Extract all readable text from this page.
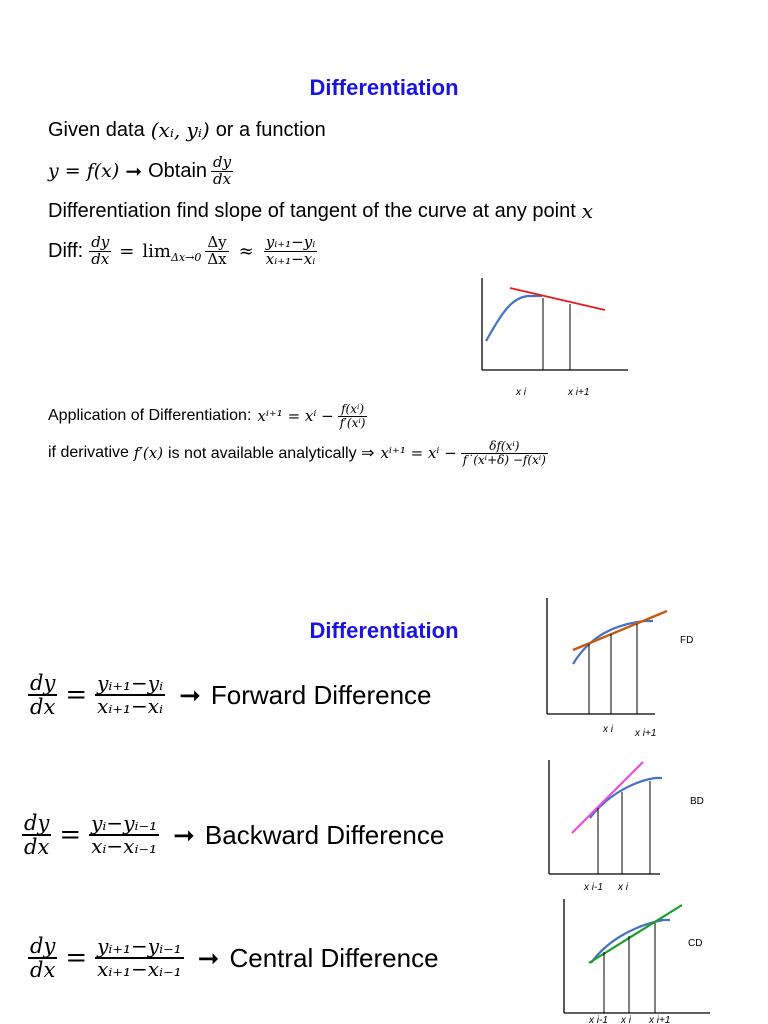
Differentiation
Given data (xᵢ, yᵢ) or a function
y = f(x) ➞ Obtain $\frac{dy}{dx}$
Differentiation find slope of tangent of the curve at any point x
Diff: $\frac{dy}{dx} = \lim \Delta x\to 0 \frac{\Delta y}{\Delta x} \approx \frac{\text{yᵢ₊₁−yᵢ}}{\text{xᵢ₊₁−xᵢ}}$
x i	x i+1
Application of Differentiation: $x^{i+1} = x^i - \frac{\text{f(xⁱ)}}{\text{f′(xⁱ)}}$
if derivative f′(x) is not available analytically ⇒ $x^{i+1} = x^i - \frac{\text{δf(xⁱ)}}{\text{f˙(xⁱ+δ) −f(xⁱ)}}$
Differentiation
$\frac{dy}{dx} = \frac{\text{yᵢ₊₁−yᵢ}}{\text{xᵢ₊₁−xᵢ}}$ ➞ Forward Difference
x i x i+1
FD
$\frac{dy}{dx} = \frac{\text{yᵢ−yᵢ₋₁}}{\text{xᵢ−xᵢ₋₁}}$ ➞ Backward Difference
x i-1 x i
BD
$\frac{dy}{dx} = \frac{\text{yᵢ₊₁−yᵢ₋₁}}{\text{xᵢ₊₁−xᵢ₋₁}}$ ➞ Central Difference
x i-1 x i x i+1
CD
